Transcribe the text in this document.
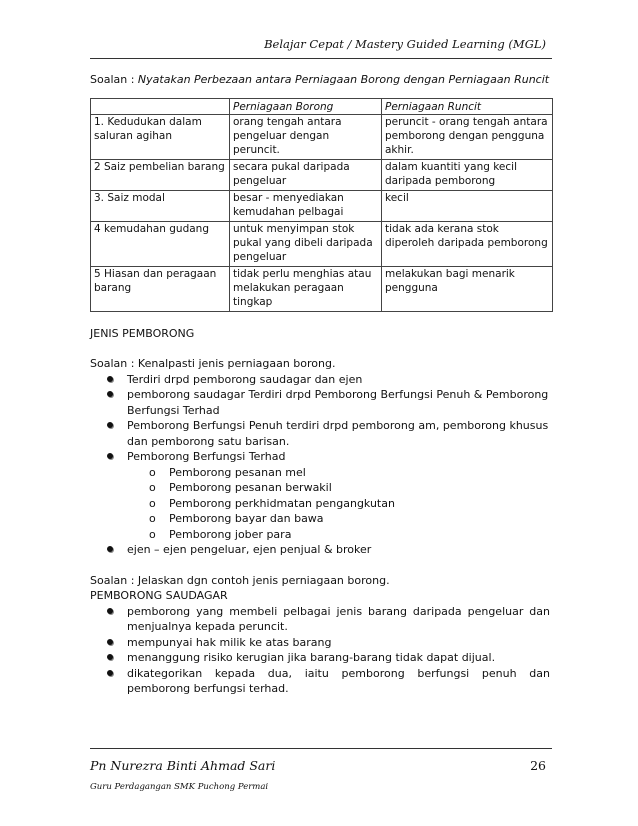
Belajar Cepat / Mastery Guided Learning (MGL)

Soalan : Nyatakan Perbezaan antara Perniagaan Borong dengan Perniagaan Runcit

	Perniagaan Borong	Perniagaan Runcit
1. Kedudukan dalam saluran agihan	orang tengah antara pengeluar dengan peruncit.	peruncit - orang tengah antara pemborong dengan pengguna akhir.
2 Saiz pembelian barang	secara pukal daripada pengeluar	dalam kuantiti yang kecil daripada pemborong
3. Saiz modal	besar - menyediakan kemudahan pelbagai	kecil
4 kemudahan gudang	untuk menyimpan stok pukal yang dibeli daripada pengeluar	tidak ada kerana stok diperoleh daripada pemborong
5 Hiasan dan peragaan barang	tidak perlu menghias atau melakukan peragaan tingkap	melakukan bagi menarik pengguna

JENIS PEMBORONG

Soalan : Kenalpasti jenis perniagaan borong.

Terdiri drpd pemborong saudagar dan ejen
pemborong saudagar Terdiri drpd Pemborong Berfungsi Penuh & Pemborong Berfungsi Terhad
Pemborong Berfungsi Penuh terdiri drpd pemborong am, pemborong khusus dan pemborong satu barisan.
Pemborong Berfungsi Terhad
o Pemborong pesanan mel
o Pemborong pesanan berwakil
o Pemborong perkhidmatan pengangkutan
o Pemborong bayar dan bawa
o Pemborong jober para
ejen – ejen pengeluar, ejen penjual & broker

Soalan : Jelaskan dgn contoh jenis perniagaan borong.

PEMBORONG SAUDAGAR

pemborong yang membeli pelbagai jenis barang daripada pengeluar dan menjualnya kepada peruncit.
mempunyai hak milik ke atas barang
menanggung risiko kerugian jika barang-barang tidak dapat dijual.
dikategorikan kepada dua, iaitu pemborong berfungsi penuh dan pemborong berfungsi terhad.
Pn Nurezra Binti Ahmad Sari	26
Guru Perdagangan SMK Puchong Permai
